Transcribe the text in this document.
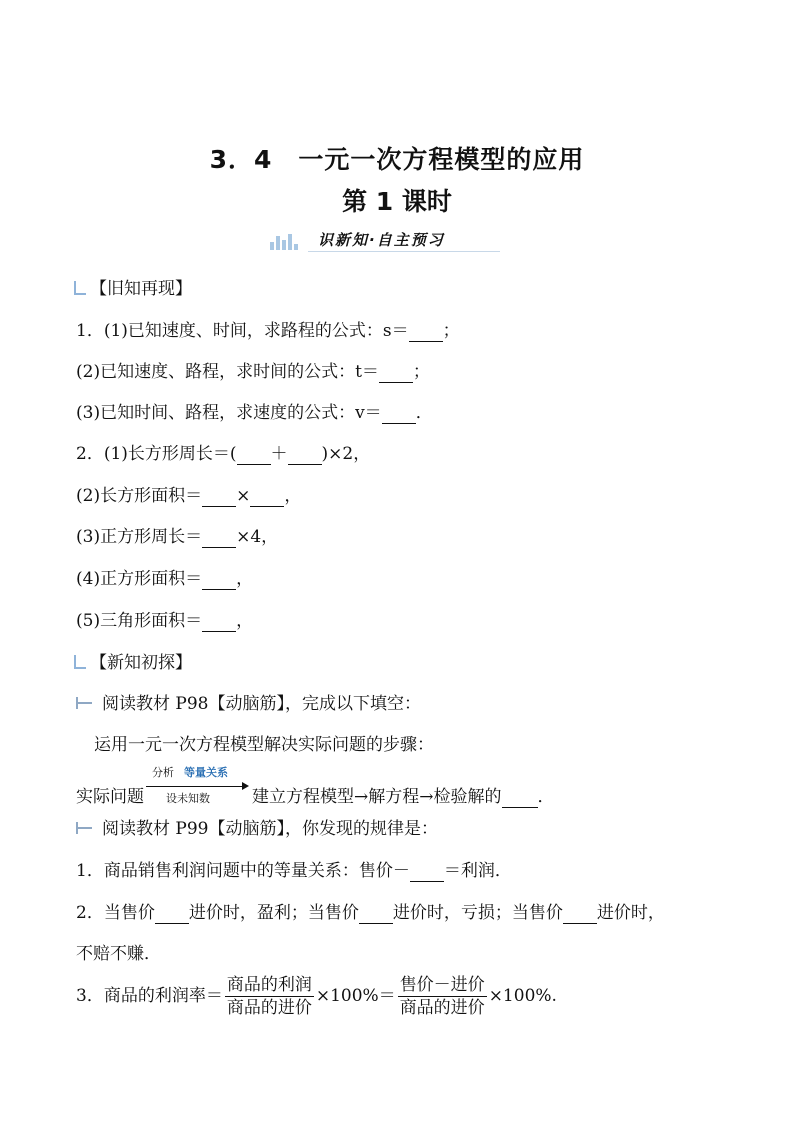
3．4　一元一次方程模型的应用
第 1 课时
识新知·自主预习
【旧知再现】
1．(1)已知速度、时间，求路程的公式：s＝ ；
(2)已知速度、路程，求时间的公式：t＝ ；
(3)已知时间、路程，求速度的公式：v＝ ．
2．(1)长方形周长＝( ＋ )×2，
(2)长方形面积＝ × ，
(3)正方形周长＝ ×4，
(4)正方形面积＝ ，
(5)三角形面积＝ ，
【新知初探】
阅读教材 P98【动脑筋】，完成以下填空：
运用一元一次方程模型解决实际问题的步骤：
实际问题
分析 等量关系
设未知数 建立方程模型→解方程→检验解的 ．
阅读教材 P99【动脑筋】，你发现的规律是：
1．商品销售利润问题中的等量关系：售价－ ＝利润．
2．当售价 进价时，盈利；当售价 进价时，亏损；当售价 进价时，
不赔不赚．
3．商品的利润率＝ $\frac{\text{商品的利润}}{\text{商品的进价}} \times 100\%= \frac{\text{售价－进价}}{\text{商品的进价}} \times 100\%$.
